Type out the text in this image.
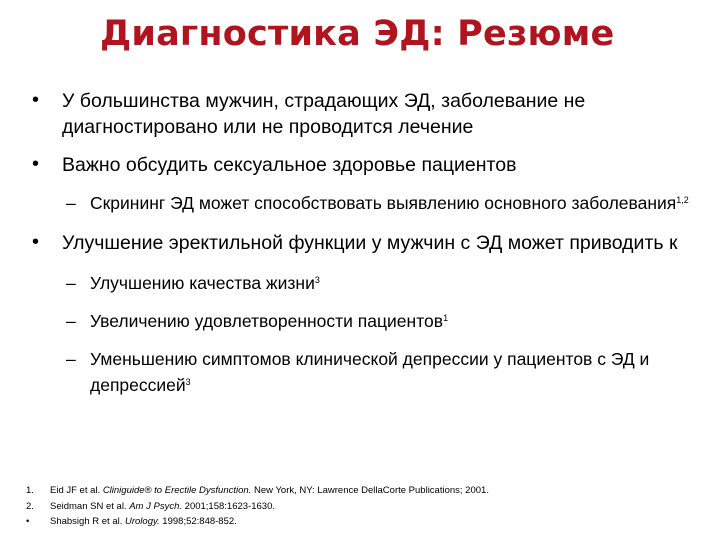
Диагностика ЭД: Резюме
• У большинства мужчин, страдающих ЭД, заболевание не диагностировано или не проводится лечение
• Важно обсудить сексуальное здоровье пациентов
– Скрининг ЭД может способствовать выявлению основного заболевания$^{1,2}$
• Улучшение эректильной функции у мужчин с ЭД может приводить к
– Улучшению качества жизни$^3$
– Увеличению удовлетворенности пациентов$^1$
– Уменьшению симптомов клинической депрессии у пациентов с ЭД и депрессией$^3$
1. Eid JF et al. Cliniguide® to Erectile Dysfunction. New York, NY: Lawrence DellaCorte Publications; 2001.
2. Seidman SN et al. Am J Psych. 2001;158:1623-1630.
• Shabsigh R et al. Urology. 1998;52:848-852.
